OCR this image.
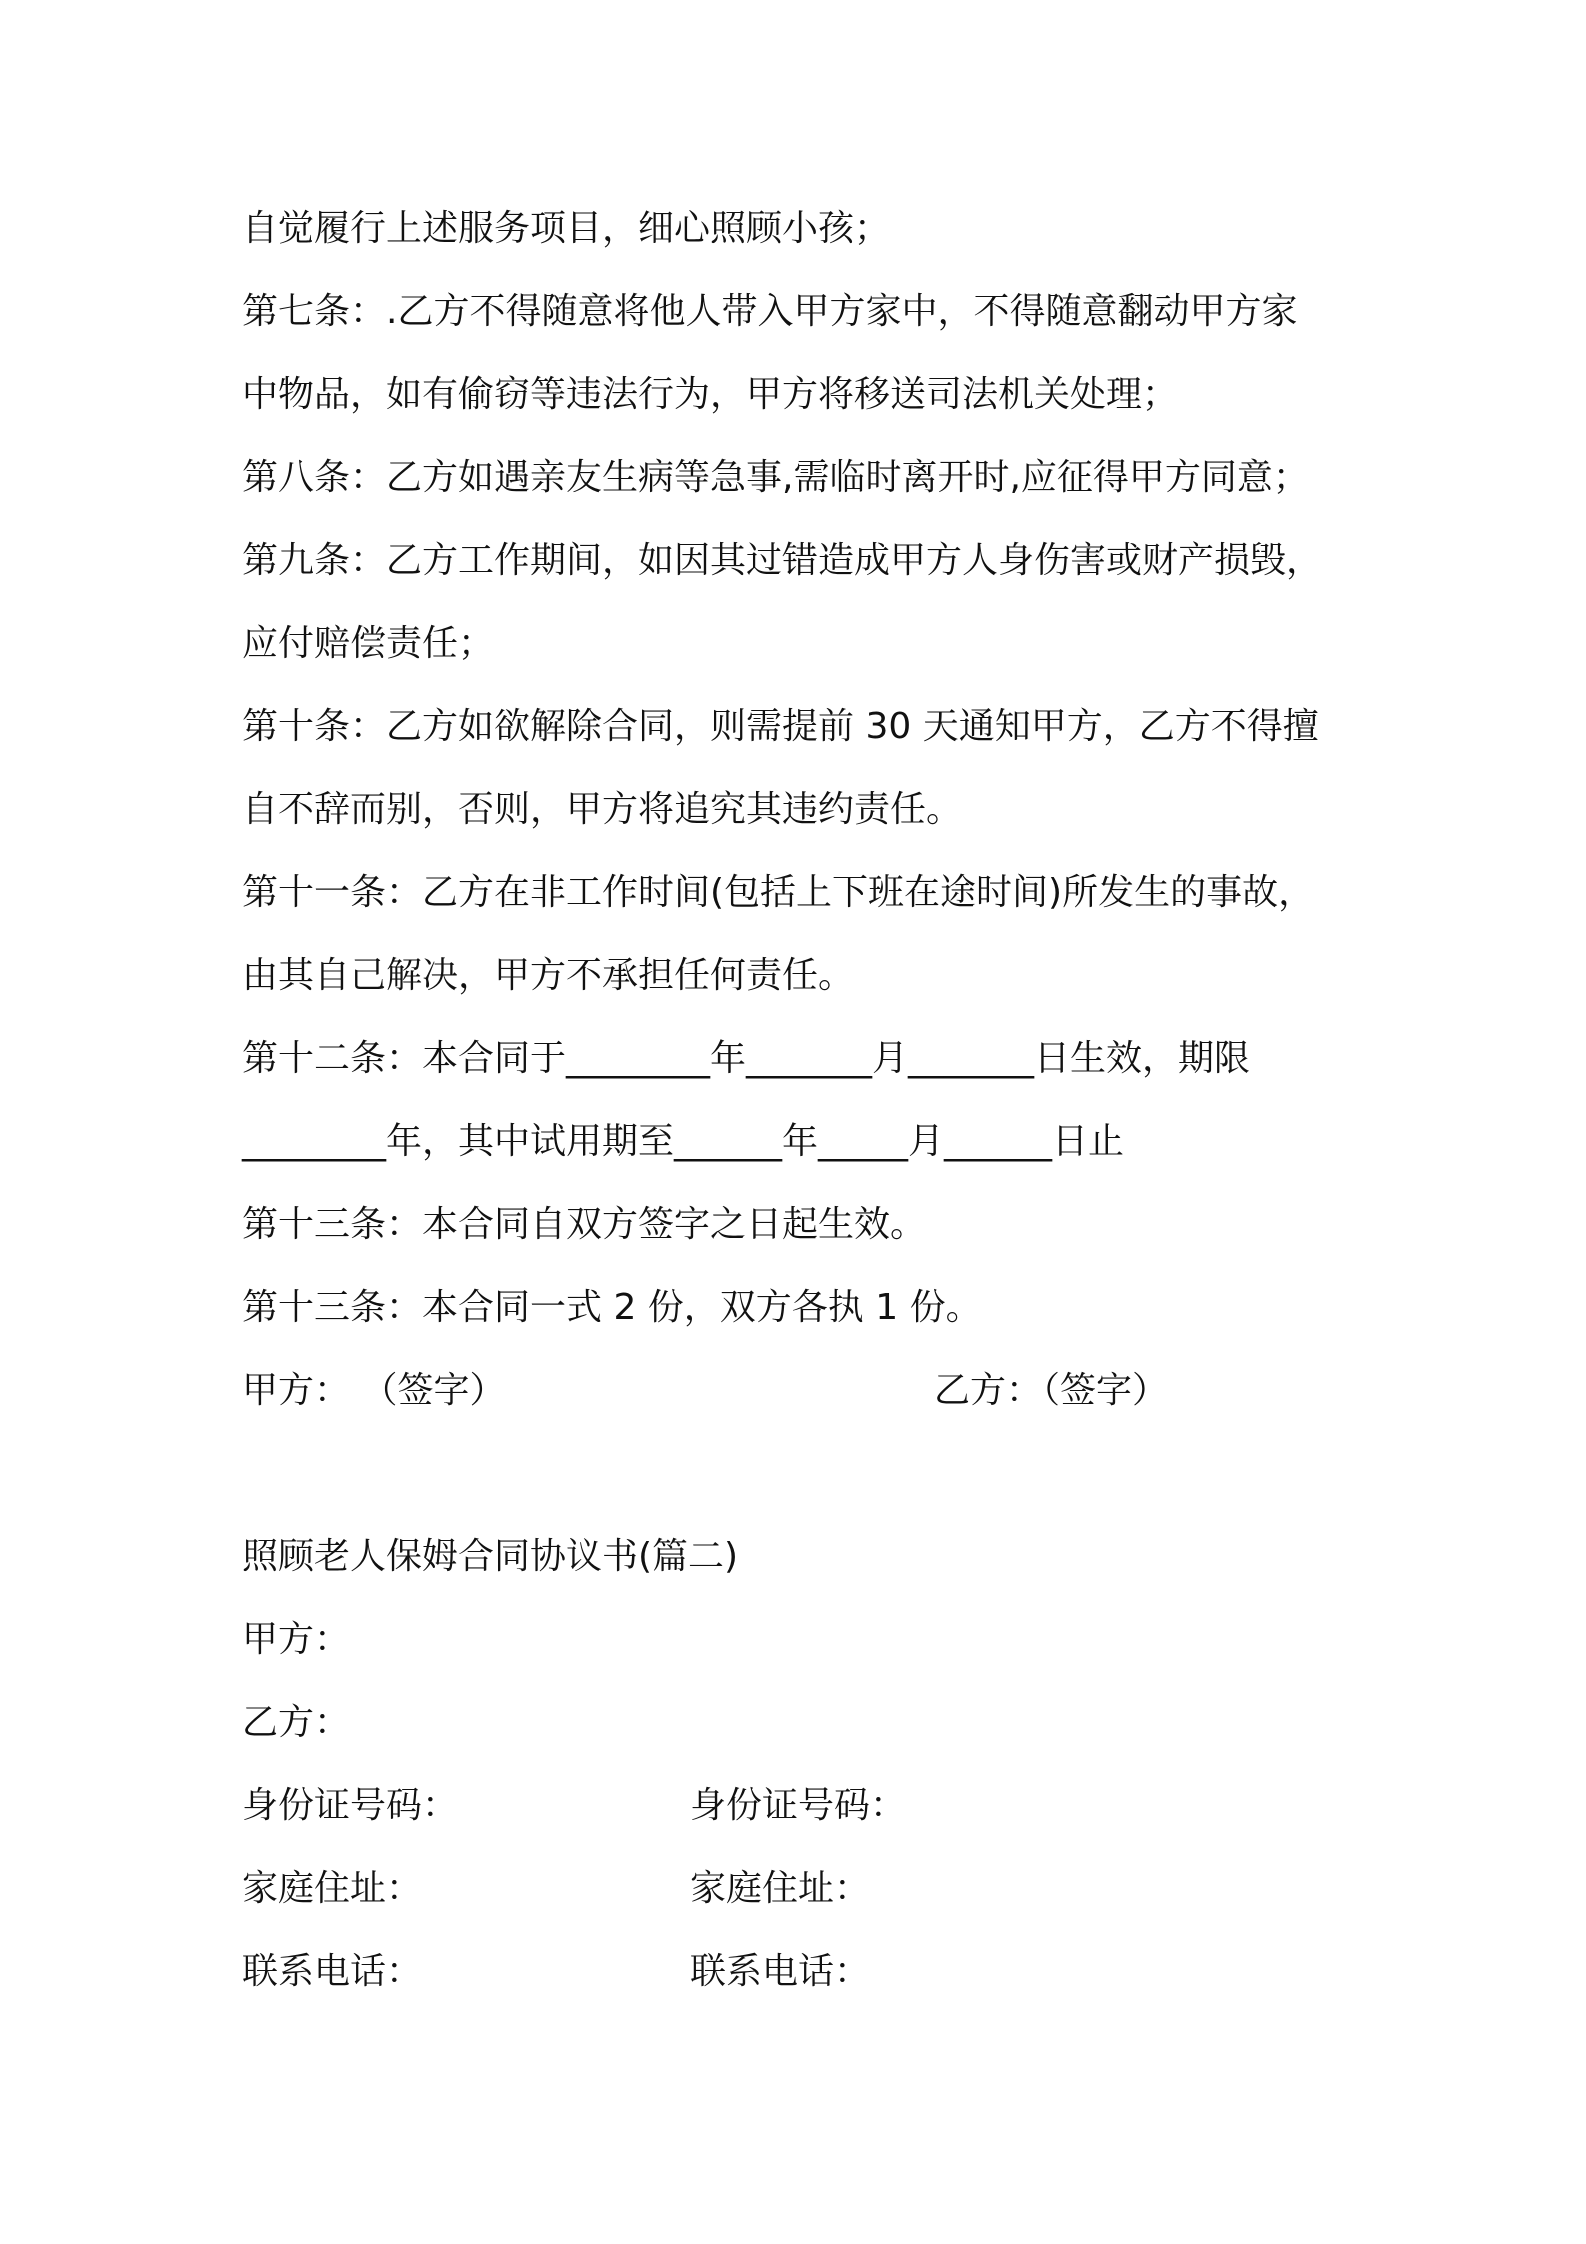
自觉履行上述服务项目，细心照顾小孩；
第七条：.乙方不得随意将他人带入甲方家中，不得随意翻动甲方家
中物品，如有偷窃等违法行为，甲方将移送司法机关处理；
第八条：乙方如遇亲友生病等急事,需临时离开时,应征得甲方同意；
第九条：乙方工作期间，如因其过错造成甲方人身伤害或财产损毁，
应付赔偿责任；
第十条：乙方如欲解除合同，则需提前 30 天通知甲方，乙方不得擅
自不辞而别，否则，甲方将追究其违约责任。
第十一条：乙方在非工作时间(包括上下班在途时间)所发生的事故，
由其自己解决，甲方不承担任何责任。
第十二条：本合同于________年_______月_______日生效，期限
________年，其中试用期至______年_____月______日止
第十三条：本合同自双方签字之日起生效。
第十三条：本合同一式 2 份，双方各执 1 份。
甲方： （签字）	乙方：（签字）
照顾老人保姆合同协议书(篇二)
甲方：
乙方：
身份证号码：	身份证号码：
家庭住址：	家庭住址：
联系电话：	联系电话：
